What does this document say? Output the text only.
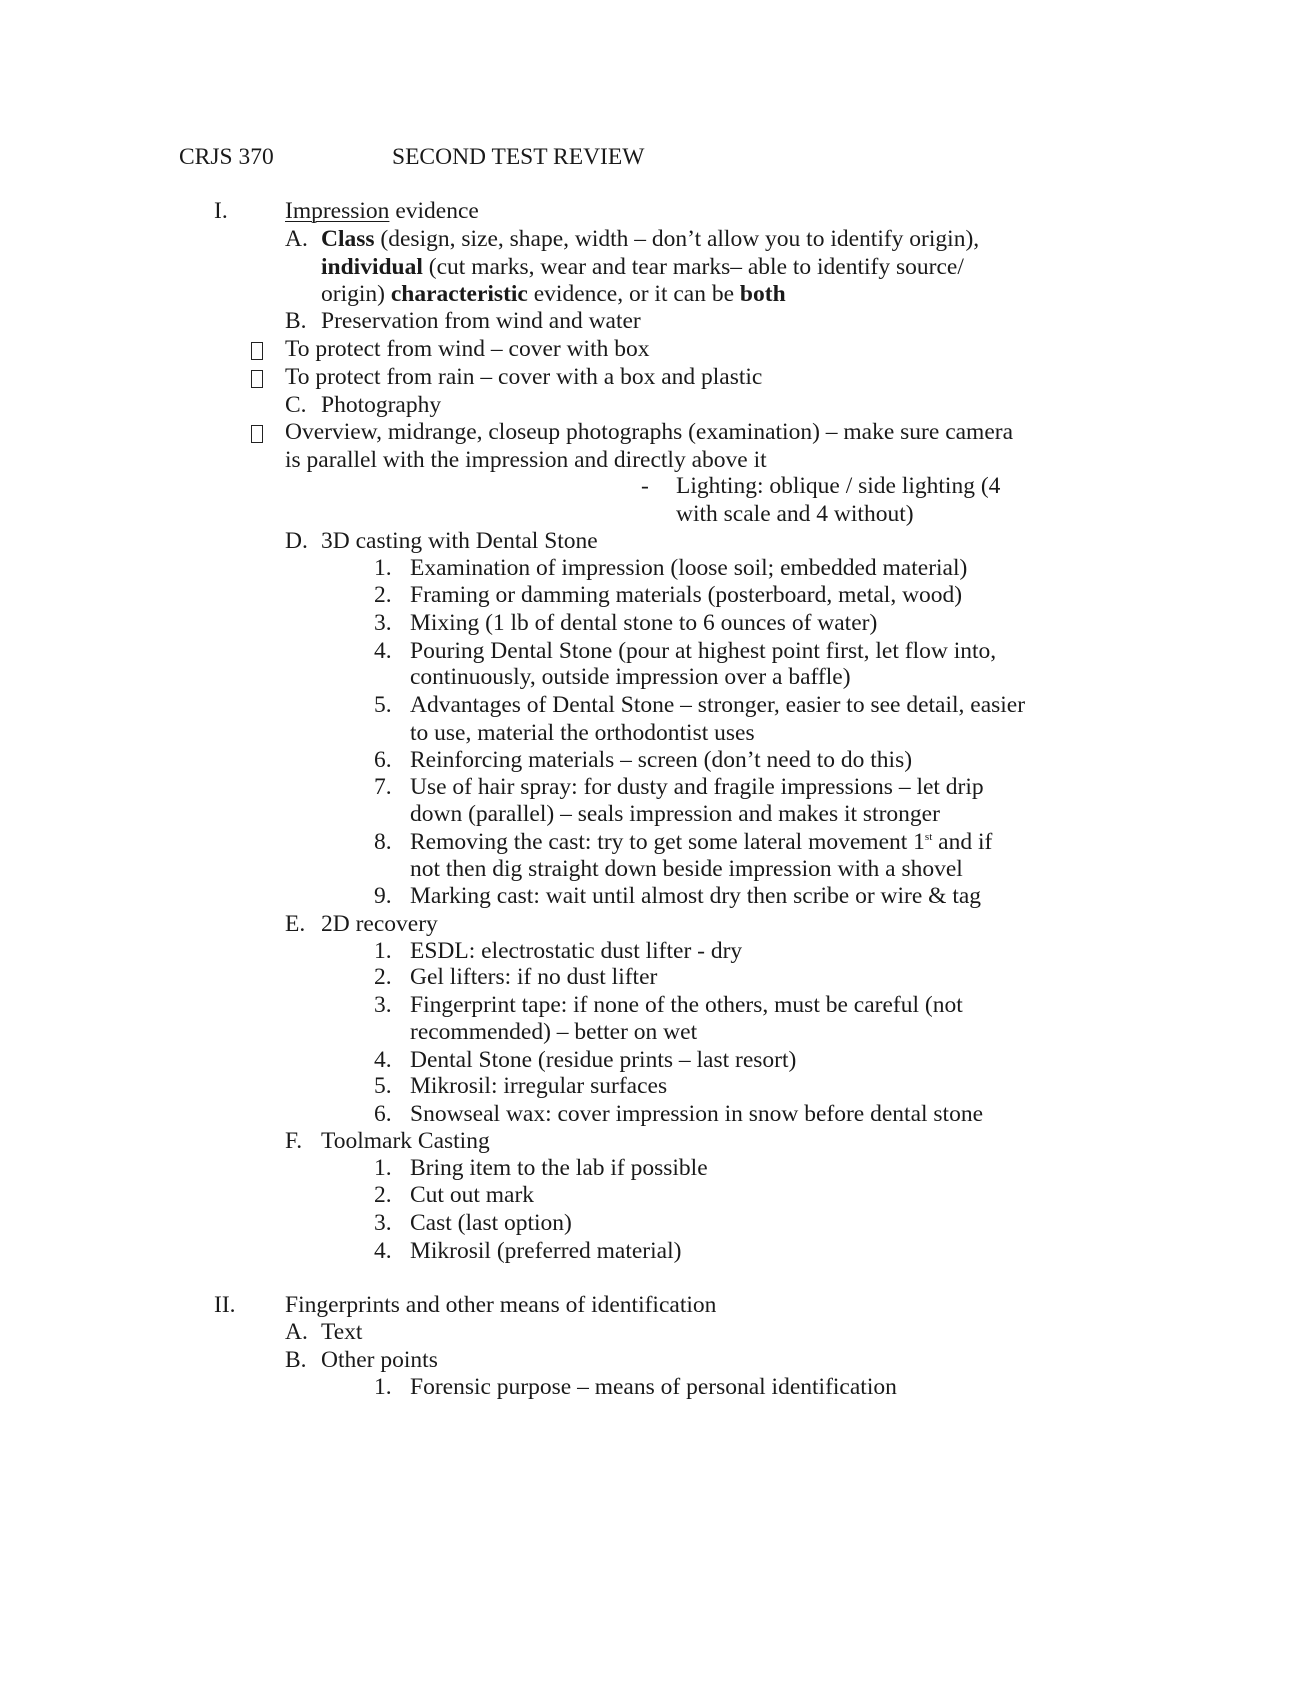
CRJS 370	SECOND TEST REVIEW
I. Impression evidence
A. Class (design, size, shape, width – don’t allow you to identify origin),
individual (cut marks, wear and tear marks– able to identify source/
origin) characteristic evidence, or it can be both
B. Preservation from wind and water
To protect from wind – cover with box
To protect from rain – cover with a box and plastic
C. Photography
Overview, midrange, closeup photographs (examination) – make sure camera
is parallel with the impression and directly above it
- Lighting: oblique / side lighting (4
with scale and 4 without)
D. 3D casting with Dental Stone
1. Examination of impression (loose soil; embedded material)
2. Framing or damming materials (posterboard, metal, wood)
3. Mixing (1 lb of dental stone to 6 ounces of water)
4. Pouring Dental Stone (pour at highest point first, let flow into,
continuously, outside impression over a baffle)
5. Advantages of Dental Stone – stronger, easier to see detail, easier
to use, material the orthodontist uses
6. Reinforcing materials – screen (don’t need to do this)
7. Use of hair spray: for dusty and fragile impressions – let drip
down (parallel) – seals impression and makes it stronger
8. Removing the cast: try to get some lateral movement 1st and if
not then dig straight down beside impression with a shovel
9. Marking cast: wait until almost dry then scribe or wire & tag
E. 2D recovery
1. ESDL: electrostatic dust lifter - dry
2. Gel lifters: if no dust lifter
3. Fingerprint tape: if none of the others, must be careful (not
recommended) – better on wet
4. Dental Stone (residue prints – last resort)
5. Mikrosil: irregular surfaces
6. Snowseal wax: cover impression in snow before dental stone
F. Toolmark Casting
1. Bring item to the lab if possible
2. Cut out mark
3. Cast (last option)
4. Mikrosil (preferred material)
II. Fingerprints and other means of identification
A. Text
B. Other points
1. Forensic purpose – means of personal identification
